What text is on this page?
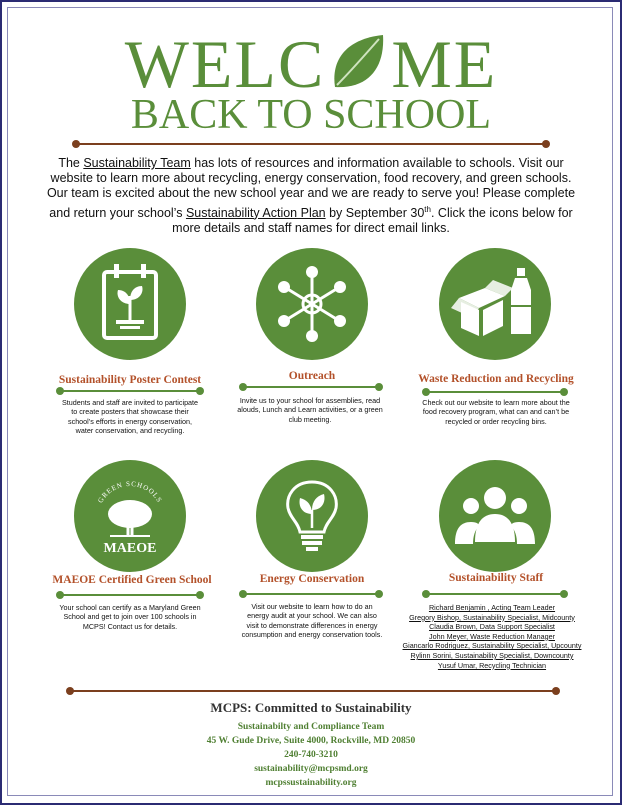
WELC ME
BACK TO SCHOOL
The Sustainability Team has lots of resources and information available to schools. Visit our website to learn more about recycling, energy conservation, food recovery, and green schools. Our team is excited about the new school year and we are ready to serve you! Please complete and return your school’s Sustainability Action Plan by September 30th. Click the icons below for more details and staff names for direct email links.
Sustainability Poster Contest
Students and staff are invited to participate to create posters that showcase their school’s efforts in energy conservation, water conservation, and recycling.
Outreach
Invite us to your school for assemblies, read alouds, Lunch and Learn activities, or a green club meeting.
Waste Reduction and Recycling
Check out our website to learn more about the food recovery program, what can and can’t be recycled or order recycling bins.
GREEN SCHOOLS
MAEOE
MAEOE Certified Green School
Your school can certify as a Maryland Green School and get to join over 100 schools in MCPS! Contact us for details.
Energy Conservation
Visit our website to learn how to do an energy audit at your school. We can also visit to demonstrate differences in energy consumption and energy conservation tools.
Sustainability Staff
Richard Benjamin , Acting Team Leader
Gregory Bishop, Sustainability Specialist, Midcounty
Claudia Brown, Data Support Specialist
John Meyer, Waste Reduction Manager
Giancarlo Rodriguez, Sustainability Specialist, Upcounty
Rylinn Sorini, Sustainability Specialist, Downcounty
Yusuf Umar, Recycling Technician
MCPS: Committed to Sustainability
Sustainabilty and Compliance Team
45 W. Gude Drive, Suite 4000, Rockville, MD 20850
240-740-3210
sustainability@mcpsmd.org
mcpssustainability.org
